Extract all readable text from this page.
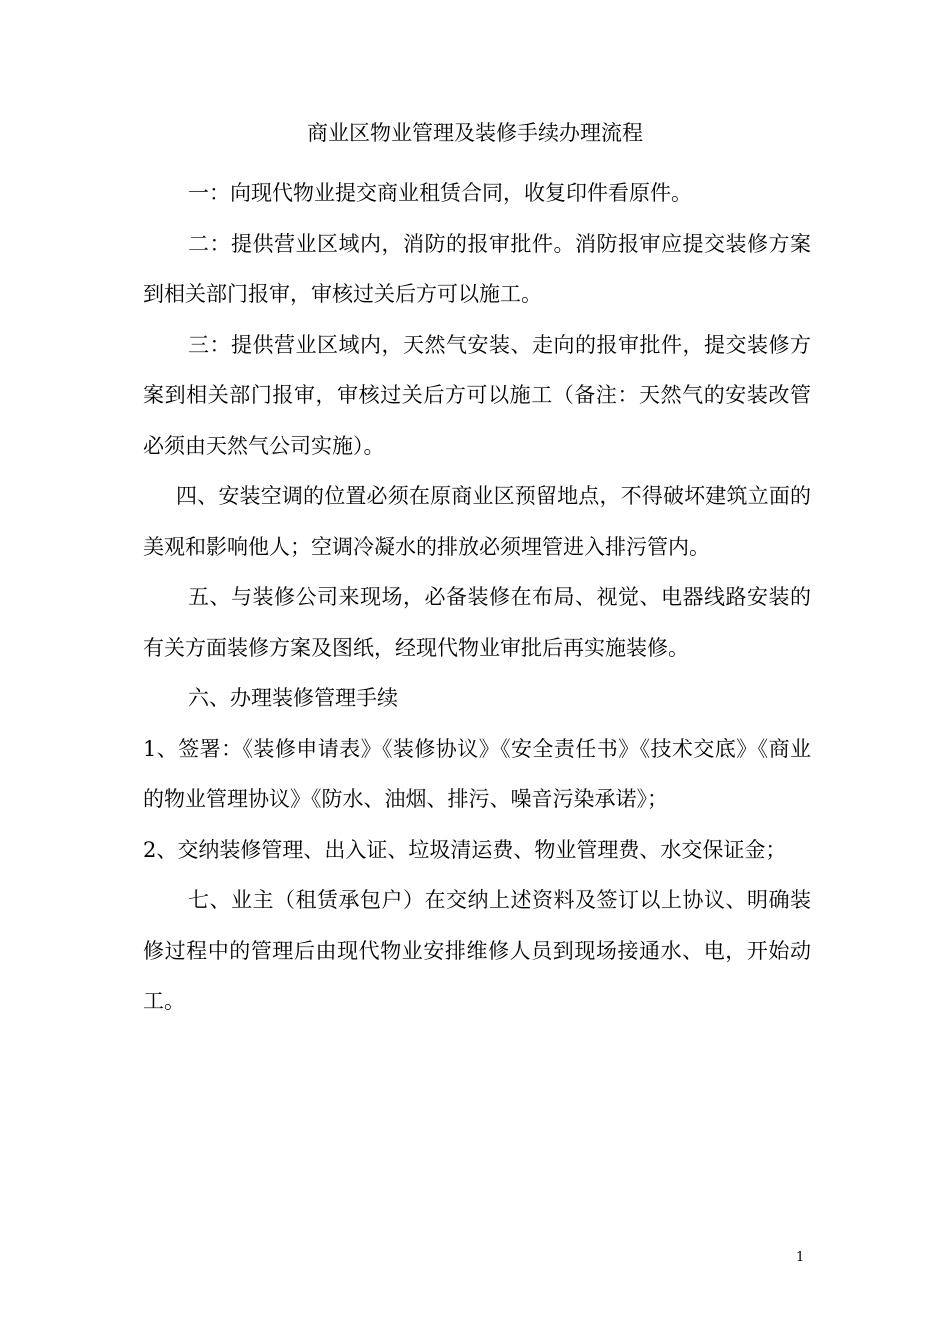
商业区物业管理及装修手续办理流程

一：向现代物业提交商业租赁合同，收复印件看原件。

二：提供营业区域内，消防的报审批件。消防报审应提交装修方案到相关部门报审，审核过关后方可以施工。

三：提供营业区域内，天然气安装、走向的报审批件，提交装修方案到相关部门报审，审核过关后方可以施工（备注：天然气的安装改管必须由天然气公司实施）。

四、安装空调的位置必须在原商业区预留地点，不得破坏建筑立面的美观和影响他人；空调冷凝水的排放必须埋管进入排污管内。

五、与装修公司来现场，必备装修在布局、视觉、电器线路安装的有关方面装修方案及图纸，经现代物业审批后再实施装修。

六、办理装修管理手续

1、签署：《装修申请表》《装修协议》《安全责任书》《技术交底》《商业的物业管理协议》《防水、油烟、排污、噪音污染承诺》；

2、交纳装修管理、出入证、垃圾清运费、物业管理费、水交保证金；

七、业主（租赁承包户）在交纳上述资料及签订以上协议、明确装修过程中的管理后由现代物业安排维修人员到现场接通水、电，开始动工。

1
